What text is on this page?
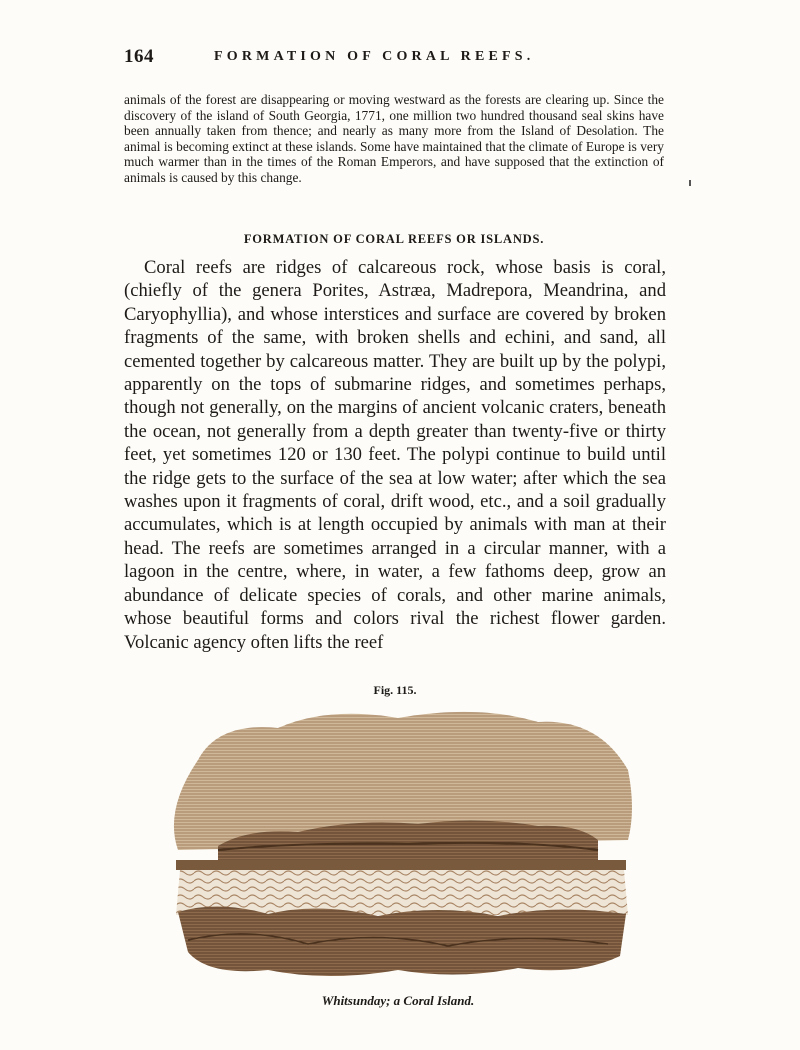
164	FORMATION OF CORAL REEFS.

animals of the forest are disappearing or moving westward as the forests are clearing up. Since the discovery of the island of South Georgia, 1771, one million two hundred thousand seal skins have been annually taken from thence; and nearly as many more from the Island of Desolation. The animal is becoming extinct at these islands. Some have maintained that the climate of Europe is very much warmer than in the times of the Roman Emperors, and have supposed that the extinction of animals is caused by this change.

FORMATION OF CORAL REEFS OR ISLANDS.

Coral reefs are ridges of calcareous rock, whose basis is coral, (chiefly of the genera Porites, Astræa, Madrepora, Meandrina, and Caryophyllia), and whose interstices and surface are covered by broken fragments of the same, with broken shells and echini, and sand, all cemented together by calcareous matter. They are built up by the polypi, apparently on the tops of submarine ridges, and sometimes perhaps, though not generally, on the margins of ancient volcanic craters, beneath the ocean, not generally from a depth greater than twenty-five or thirty feet, yet sometimes 120 or 130 feet. The polypi continue to build until the ridge gets to the surface of the sea at low water; after which the sea washes upon it fragments of coral, drift wood, etc., and a soil gradually accumulates, which is at length occupied by animals with man at their head. The reefs are sometimes arranged in a circular manner, with a lagoon in the centre, where, in water, a few fathoms deep, grow an abundance of delicate species of corals, and other marine animals, whose beautiful forms and colors rival the richest flower garden. Volcanic agency often lifts the reef

Fig. 115.
Whitsunday; a Coral Island.
